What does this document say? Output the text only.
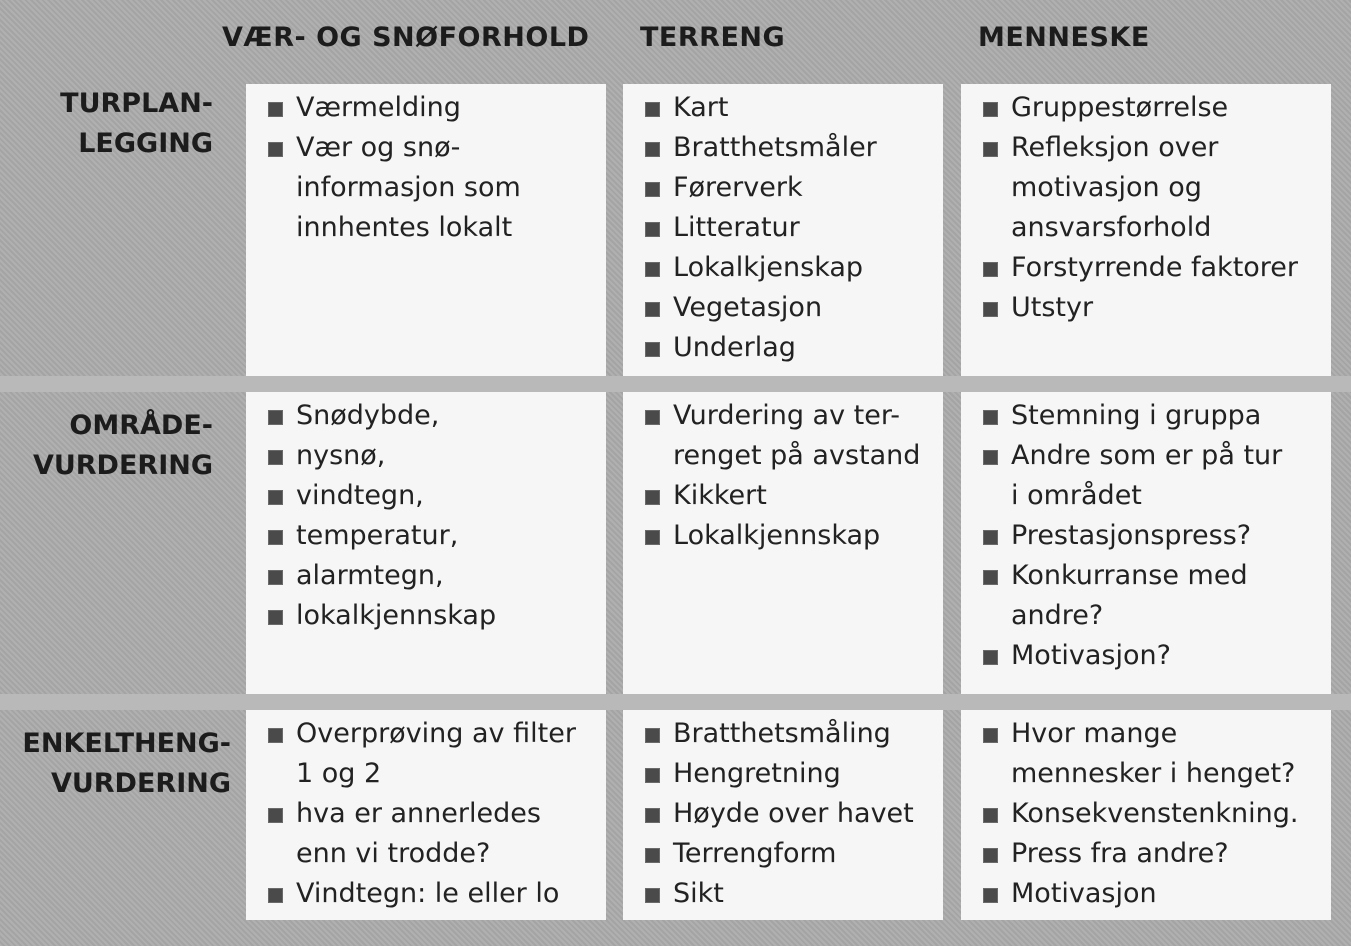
VÆR- OG SNØFORHOLD TERRENG	MENNESKE
TURPLAN-
LEGGING
OMRÅDE-
VURDERING
ENKELTHENG-
VURDERING
Værmelding
Vær og snø-
informasjon som
innhentes lokalt
Kart
Bratthetsmåler
Førerverk
Litteratur
Lokalkjenskap
Vegetasjon
Underlag
Gruppestørrelse
Refleksjon over
motivasjon og
ansvarsforhold
Forstyrrende faktorer
Utstyr
Snødybde,
nysnø,
vindtegn,
temperatur,
alarmtegn,
lokalkjennskap
Vurdering av ter-
renget på avstand
Kikkert
Lokalkjennskap
Stemning i gruppa
Andre som er på tur
i området
Prestasjonspress?
Konkurranse med
andre?
Motivasjon?
Overprøving av filter
1 og 2
hva er annerledes
enn vi trodde?
Vindtegn: le eller lo
Bratthetsmåling
Hengretning
Høyde over havet
Terrengform
Sikt
Hvor mange
mennesker i henget?
Konsekvenstenkning.
Press fra andre?
Motivasjon
